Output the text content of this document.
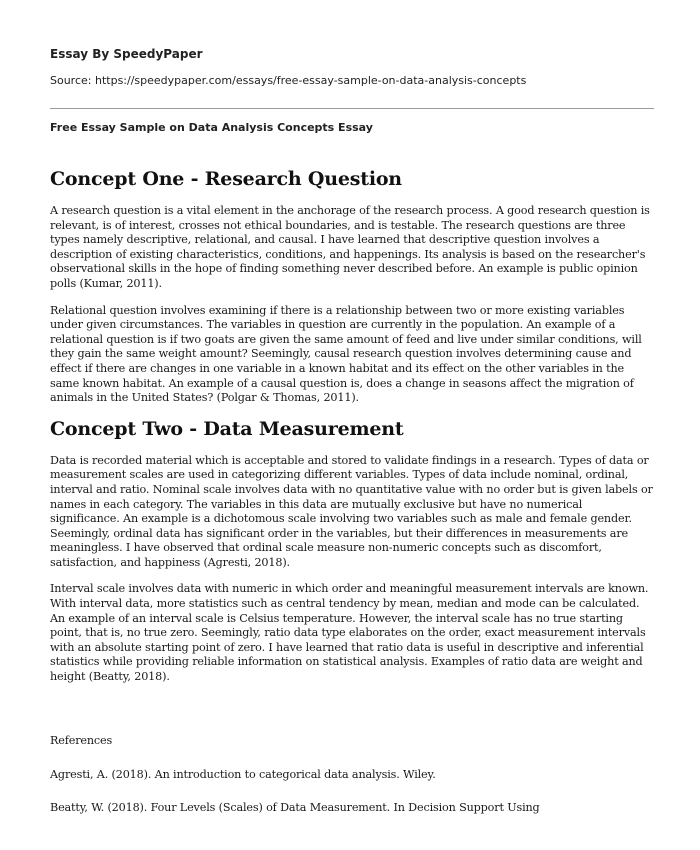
Essay By SpeedyPaper
Source: https://speedypaper.com/essays/free-essay-sample-on-data-analysis-concepts
Free Essay Sample on Data Analysis Concepts Essay
Concept One - Research Question

A research question is a vital element in the anchorage of the research process. A good research question is relevant, is of interest, crosses not ethical boundaries, and is testable. The research questions are three types namely descriptive, relational, and causal. I have learned that descriptive question involves a description of existing characteristics, conditions, and happenings. Its analysis is based on the researcher's observational skills in the hope of finding something never described before. An example is public opinion polls (Kumar, 2011).

Relational question involves examining if there is a relationship between two or more existing variables under given circumstances. The variables in question are currently in the population. An example of a relational question is if two goats are given the same amount of feed and live under similar conditions, will they gain the same weight amount? Seemingly, causal research question involves determining cause and effect if there are changes in one variable in a known habitat and its effect on the other variables in the same known habitat. An example of a causal question is, does a change in seasons affect the migration of animals in the United States? (Polgar & Thomas, 2011).

Concept Two - Data Measurement

Data is recorded material which is acceptable and stored to validate findings in a research. Types of data or measurement scales are used in categorizing different variables. Types of data include nominal, ordinal, interval and ratio. Nominal scale involves data with no quantitative value with no order but is given labels or names in each category. The variables in this data are mutually exclusive but have no numerical significance. An example is a dichotomous scale involving two variables such as male and female gender. Seemingly, ordinal data has significant order in the variables, but their differences in measurements are meaningless. I have observed that ordinal scale measure non-numeric concepts such as discomfort, satisfaction, and happiness (Agresti, 2018).

Interval scale involves data with numeric in which order and meaningful measurement intervals are known. With interval data, more statistics such as central tendency by mean, median and mode can be calculated. An example of an interval scale is Celsius temperature. However, the interval scale has no true starting point, that is, no true zero. Seemingly, ratio data type elaborates on the order, exact measurement intervals with an absolute starting point of zero. I have learned that ratio data is useful in descriptive and inferential statistics while providing reliable information on statistical analysis. Examples of ratio data are weight and height (Beatty, 2018).

References

Agresti, A. (2018). An introduction to categorical data analysis. Wiley.

Beatty, W. (2018). Four Levels (Scales) of Data Measurement. In Decision Support Using
